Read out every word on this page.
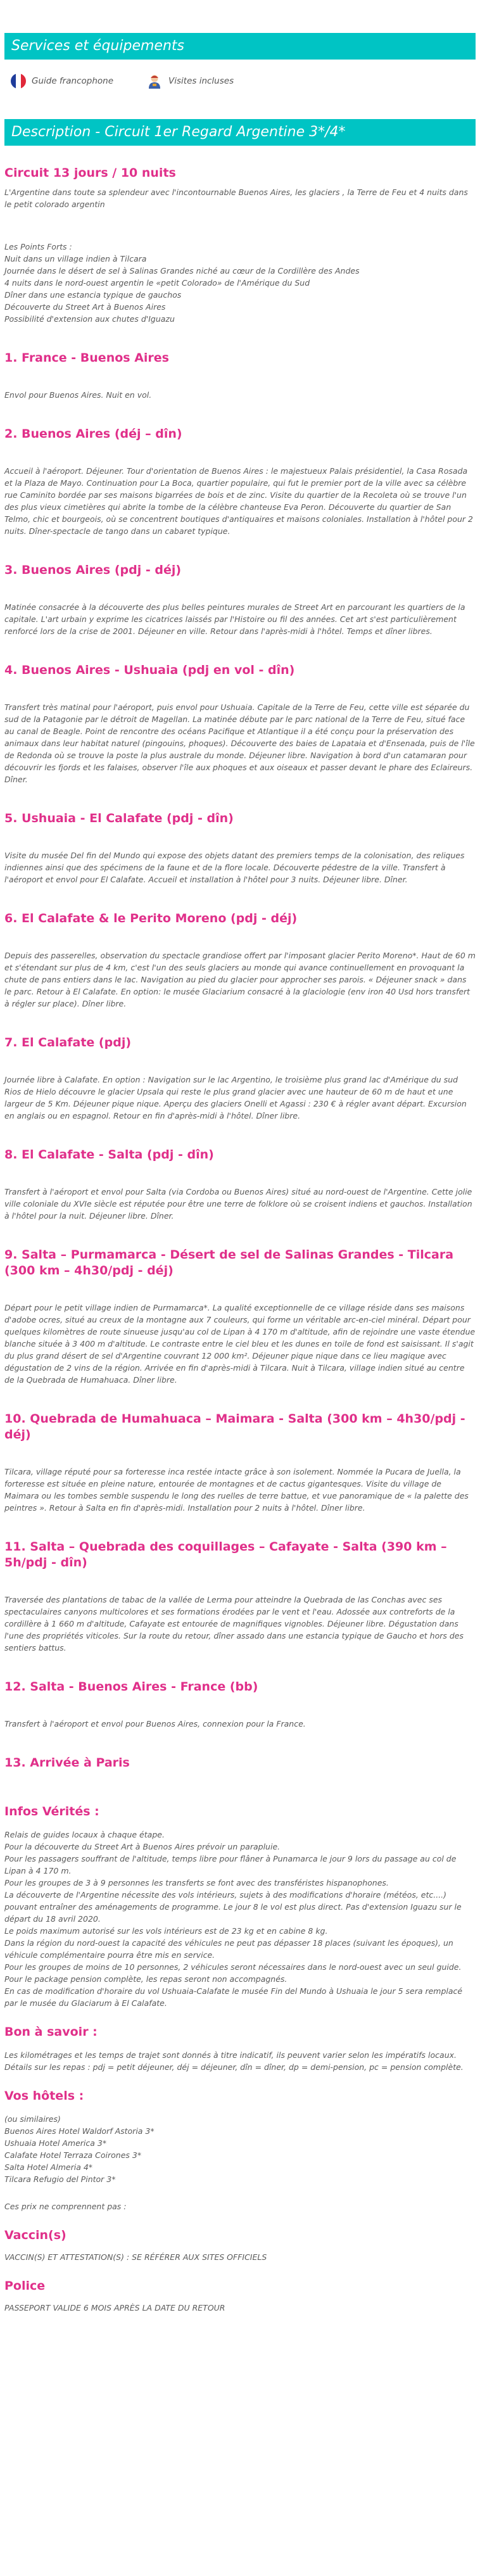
Services et équipements
Guide francophone	Visites incluses
Description - Circuit 1er Regard Argentine 3*/4*
Circuit 13 jours / 10 nuits

L'Argentine dans toute sa splendeur avec l'incontournable Buenos Aires, les glaciers , la Terre de Feu et 4 nuits dans le petit colorado argentin

Les Points Forts :
Nuit dans un village indien à Tilcara
Journée dans le désert de sel à Salinas Grandes niché au cœur de la Cordillère des Andes
4 nuits dans le nord-ouest argentin le «petit Colorado» de l'Amérique du Sud
Dîner dans une estancia typique de gauchos
Découverte du Street Art à Buenos Aires
Possibilité d'extension aux chutes d'Iguazu
1. France - Buenos Aires

Envol pour Buenos Aires. Nuit en vol.

2. Buenos Aires (déj – dîn)

Accueil à l'aéroport. Déjeuner. Tour d'orientation de Buenos Aires : le majestueux Palais présidentiel, la Casa Rosada et la Plaza de Mayo. Continuation pour La Boca, quartier populaire, qui fut le premier port de la ville avec sa célèbre rue Caminito bordée par ses maisons bigarrées de bois et de zinc. Visite du quartier de la Recoleta où se trouve l'un des plus vieux cimetières qui abrite la tombe de la célèbre chanteuse Eva Peron. Découverte du quartier de San Telmo, chic et bourgeois, où se concentrent boutiques d'antiquaires et maisons coloniales. Installation à l'hôtel pour 2 nuits. Dîner-spectacle de tango dans un cabaret typique.

3. Buenos Aires (pdj - déj)

Matinée consacrée à la découverte des plus belles peintures murales de Street Art en parcourant les quartiers de la capitale. L'art urbain y exprime les cicatrices laissés par l'Histoire ou fil des années. Cet art s'est particulièrement renforcé lors de la crise de 2001. Déjeuner en ville. Retour dans l'après-midi à l'hôtel. Temps et dîner libres.

4. Buenos Aires - Ushuaia (pdj en vol - dîn)

Transfert très matinal pour l'aéroport, puis envol pour Ushuaia. Capitale de la Terre de Feu, cette ville est séparée du sud de la Patagonie par le détroit de Magellan. La matinée débute par le parc national de la Terre de Feu, situé face au canal de Beagle. Point de rencontre des océans Pacifique et Atlantique il a été conçu pour la préservation des animaux dans leur habitat naturel (pingouins, phoques). Découverte des baies de Lapataia et d'Ensenada, puis de l'île de Redonda où se trouve la poste la plus australe du monde. Déjeuner libre. Navigation à bord d'un catamaran pour découvrir les fjords et les falaises, observer l'île aux phoques et aux oiseaux et passer devant le phare des Eclaireurs. Dîner.

5. Ushuaia - El Calafate (pdj - dîn)

Visite du musée Del fin del Mundo qui expose des objets datant des premiers temps de la colonisation, des reliques indiennes ainsi que des spécimens de la faune et de la flore locale. Découverte pédestre de la ville. Transfert à l'aéroport et envol pour El Calafate. Accueil et installation à l'hôtel pour 3 nuits. Déjeuner libre. Dîner.

6. El Calafate & le Perito Moreno (pdj - déj)

Depuis des passerelles, observation du spectacle grandiose offert par l'imposant glacier Perito Moreno*. Haut de 60 m et s'étendant sur plus de 4 km, c'est l'un des seuls glaciers au monde qui avance continuellement en provoquant la chute de pans entiers dans le lac. Navigation au pied du glacier pour approcher ses parois. « Déjeuner snack » dans le parc. Retour à El Calafate. En option: le musée Glaciarium consacré à la glaciologie (env iron 40 Usd hors transfert à régler sur place). Dîner libre.

7. El Calafate (pdj)

Journée libre à Calafate. En option : Navigation sur le lac Argentino, le troisième plus grand lac d'Amérique du sud Rios de Hielo découvre le glacier Upsala qui reste le plus grand glacier avec une hauteur de 60 m de haut et une largeur de 5 Km. Déjeuner pique nique. Aperçu des glaciers Onelli et Agassi : 230 € à régler avant départ. Excursion en anglais ou en espagnol. Retour en fin d'après-midi à l'hôtel. Dîner libre.

8. El Calafate - Salta (pdj - dîn)

Transfert à l'aéroport et envol pour Salta (via Cordoba ou Buenos Aires) situé au nord-ouest de l'Argentine. Cette jolie ville coloniale du XVIe siècle est réputée pour être une terre de folklore où se croisent indiens et gauchos. Installation à l'hôtel pour la nuit. Déjeuner libre. Dîner.

9. Salta – Purmamarca - Désert de sel de Salinas Grandes - Tilcara (300 km – 4h30/pdj - déj)

Départ pour le petit village indien de Purmamarca*. La qualité exceptionnelle de ce village réside dans ses maisons d'adobe ocres, situé au creux de la montagne aux 7 couleurs, qui forme un véritable arc-en-ciel minéral. Départ pour quelques kilomètres de route sinueuse jusqu'au col de Lipan à 4 170 m d'altitude, afin de rejoindre une vaste étendue blanche située à 3 400 m d'altitude. Le contraste entre le ciel bleu et les dunes en toile de fond est saisissant. Il s'agit du plus grand désert de sel d'Argentine couvrant 12 000 km². Déjeuner pique nique dans ce lieu magique avec dégustation de 2 vins de la région. Arrivée en fin d'après-midi à Tilcara. Nuit à Tilcara, village indien situé au centre de la Quebrada de Humahuaca. Dîner libre.

10. Quebrada de Humahuaca – Maimara - Salta (300 km – 4h30/pdj - déj)

Tilcara, village réputé pour sa forteresse inca restée intacte grâce à son isolement. Nommée la Pucara de Juella, la forteresse est située en pleine nature, entourée de montagnes et de cactus gigantesques. Visite du village de Maimara ou les tombes semble suspendu le long des ruelles de terre battue, et vue panoramique de « la palette des peintres ». Retour à Salta en fin d'après-midi. Installation pour 2 nuits à l'hôtel. Dîner libre.

11. Salta – Quebrada des coquillages – Cafayate - Salta (390 km – 5h/pdj - dîn)

Traversée des plantations de tabac de la vallée de Lerma pour atteindre la Quebrada de las Conchas avec ses spectaculaires canyons multicolores et ses formations érodées par le vent et l'eau. Adossée aux contreforts de la cordillère à 1 660 m d'altitude, Cafayate est entourée de magnifiques vignobles. Déjeuner libre. Dégustation dans l'une des propriétés viticoles. Sur la route du retour, dîner assado dans une estancia typique de Gaucho et hors des sentiers battus.

12. Salta - Buenos Aires - France (bb)

Transfert à l'aéroport et envol pour Buenos Aires, connexion pour la France.

13. Arrivée à Paris
Infos Vérités :
Relais de guides locaux à chaque étape.
Pour la découverte du Street Art à Buenos Aires prévoir un parapluie.
Pour les passagers souffrant de l'altitude, temps libre pour flâner à Punamarca le jour 9 lors du passage au col de Lipan à 4 170 m.
Pour les groupes de 3 à 9 personnes les transferts se font avec des transféristes hispanophones.
La découverte de l'Argentine nécessite des vols intérieurs, sujets à des modifications d'horaire (météos, etc....) pouvant entraîner des aménagements de programme. Le jour 8 le vol est plus direct. Pas d'extension Iguazu sur le départ du 18 avril 2020.
Le poids maximum autorisé sur les vols intérieurs est de 23 kg et en cabine 8 kg.
Dans la région du nord-ouest la capacité des véhicules ne peut pas dépasser 18 places (suivant les époques), un véhicule complémentaire pourra être mis en service.
Pour les groupes de moins de 10 personnes, 2 véhicules seront nécessaires dans le nord-ouest avec un seul guide.
Pour le package pension complète, les repas seront non accompagnés.
En cas de modification d'horaire du vol Ushuaia-Calafate le musée Fin del Mundo à Ushuaia le jour 5 sera remplacé par le musée du Glaciarum à El Calafate.
Bon à savoir :
Les kilométrages et les temps de trajet sont donnés à titre indicatif, ils peuvent varier selon les impératifs locaux.
Détails sur les repas : pdj = petit déjeuner, déj = déjeuner, dîn = dîner, dp = demi-pension, pc = pension complète.
Vos hôtels :
(ou similaires)
Buenos Aires Hotel Waldorf Astoria 3*
Ushuaia Hotel America 3*
Calafate Hotel Terraza Coirones 3*
Salta Hotel Almeria 4*
Tilcara Refugio del Pintor 3*
Ces prix ne comprennent pas :
Vaccin(s)
VACCIN(S) ET ATTESTATION(S) : SE RÉFÉRER AUX SITES OFFICIELS
Police
PASSEPORT VALIDE 6 MOIS APRÈS LA DATE DU RETOUR
